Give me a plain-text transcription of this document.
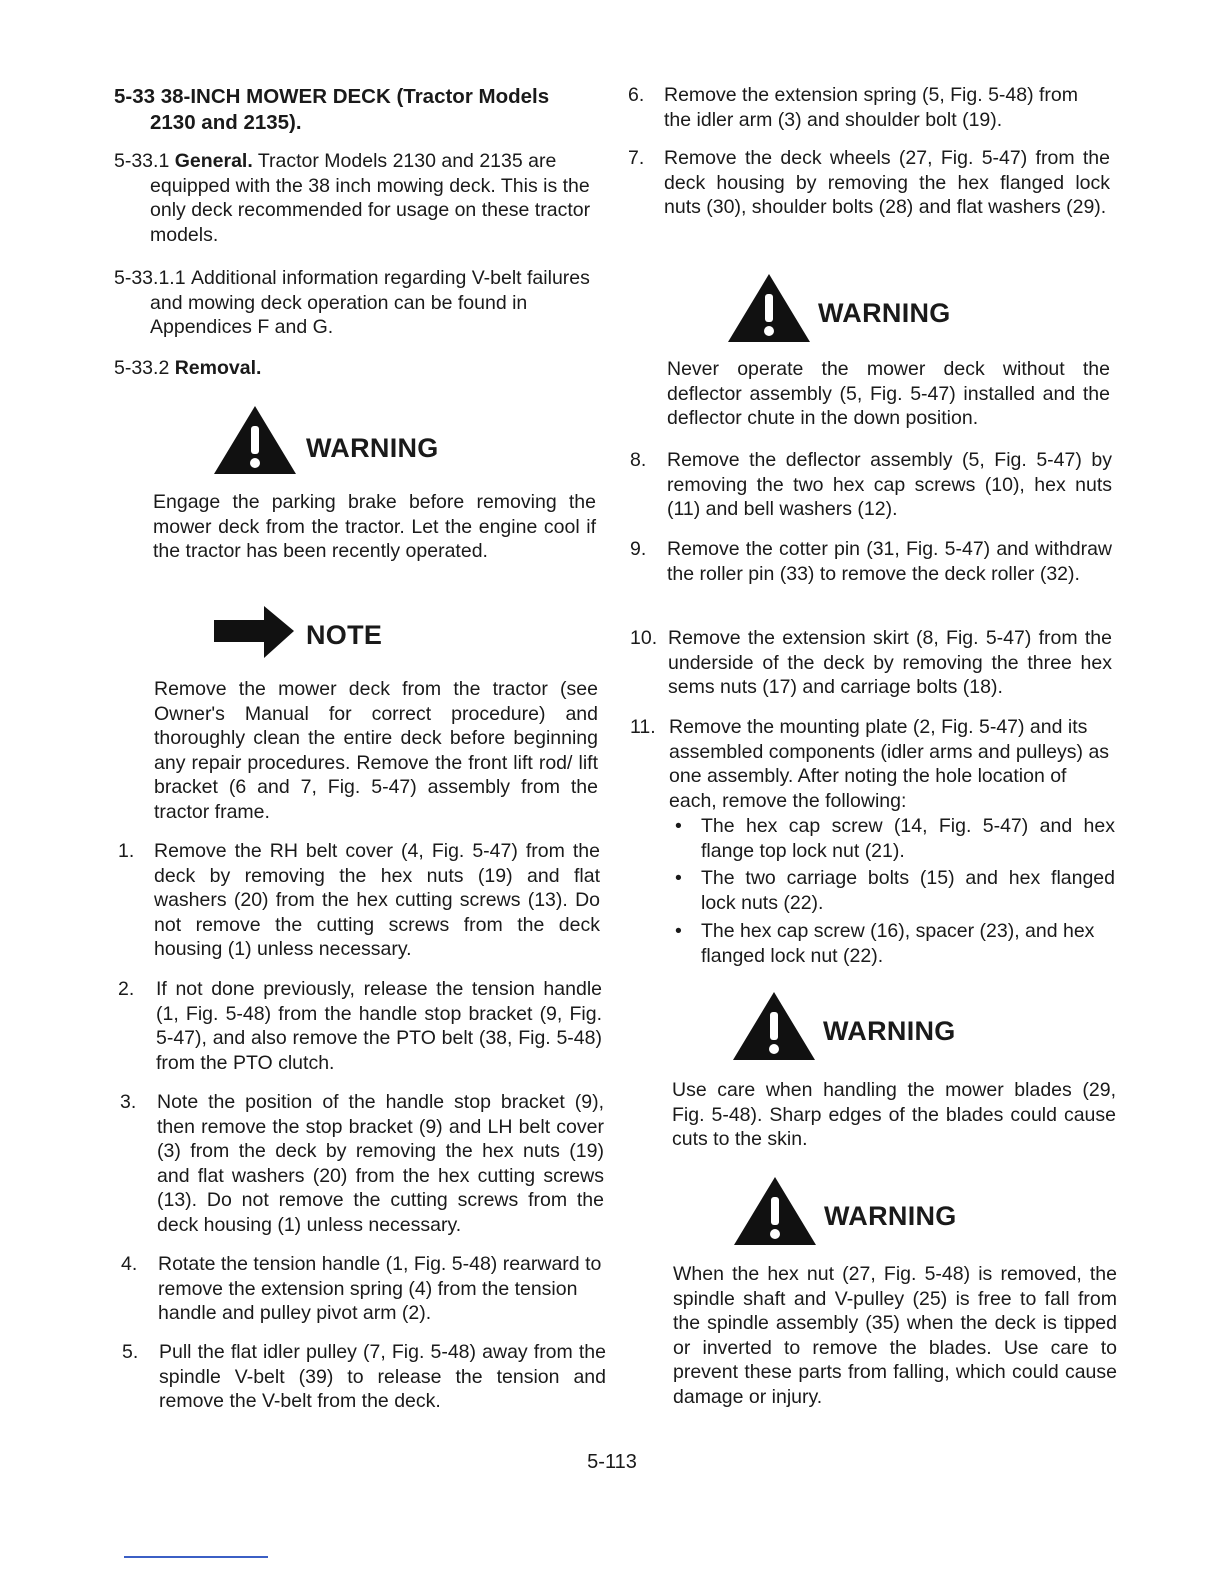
5-33 38-INCH MOWER DECK (Tractor Models
2130 and 2135).

5-33.1 General. Tractor Models 2130 and 2135 are equipped with the 38 inch mowing deck. This is the only deck recommended for usage on these tractor models.

5-33.1.1 Additional information regarding V-belt failures and mowing deck operation can be found in Appendices F and G.

5-33.2 Removal.
WARNING

Engage the parking brake before removing the mower deck from the tractor. Let the engine cool if the tractor has been recently operated.

NOTE

Remove the mower deck from the tractor (see Owner's Manual for correct procedure) and thoroughly clean the entire deck before beginning any repair procedures. Remove the front lift rod/ lift bracket (6 and 7, Fig. 5-47) assembly from the tractor frame.

1. Remove the RH belt cover (4, Fig. 5-47) from the deck by removing the hex nuts (19) and flat washers (20) from the hex cutting screws (13). Do not remove the cutting screws from the deck housing (1) unless necessary.

2. If not done previously, release the tension handle (1, Fig. 5-48) from the handle stop bracket (9, Fig. 5-47), and also remove the PTO belt (38, Fig. 5-48) from the PTO clutch.

3. Note the position of the handle stop bracket (9), then remove the stop bracket (9) and LH belt cover (3) from the deck by removing the hex nuts (19) and flat washers (20) from the hex cutting screws (13). Do not remove the cutting screws from the deck housing (1) unless necessary.

4. Rotate the tension handle (1, Fig. 5-48) rearward to remove the extension spring (4) from the tension handle and pulley pivot arm (2).

5. Pull the flat idler pulley (7, Fig. 5-48) away from the spindle V-belt (39) to release the tension and remove the V-belt from the deck.

6. Remove the extension spring (5, Fig. 5-48) from the idler arm (3) and shoulder bolt (19).

7. Remove the deck wheels (27, Fig. 5-47) from the deck housing by removing the hex flanged lock nuts (30), shoulder bolts (28) and flat washers (29).

WARNING

Never operate the mower deck without the deflector assembly (5, Fig. 5-47) installed and the deflector chute in the down position.

8. Remove the deflector assembly (5, Fig. 5-47) by removing the two hex cap screws (10), hex nuts (11) and bell washers (12).

9. Remove the cotter pin (31, Fig. 5-47) and withdraw the roller pin (33) to remove the deck roller (32).

10. Remove the extension skirt (8, Fig. 5-47) from the underside of the deck by removing the three hex sems nuts (17) and carriage bolts (18).

11. Remove the mounting plate (2, Fig. 5-47) and its assembled components (idler arms and pulleys) as one assembly. After noting the hole location of each, remove the following:

• The hex cap screw (14, Fig. 5-47) and hex flange top lock nut (21).

• The two carriage bolts (15) and hex flanged lock nuts (22).

• The hex cap screw (16), spacer (23), and hex flanged lock nut (22).

WARNING

Use care when handling the mower blades (29, Fig. 5-48). Sharp edges of the blades could cause cuts to the skin.

WARNING

When the hex nut (27, Fig. 5-48) is removed, the spindle shaft and V-pulley (25) is free to fall from the spindle assembly (35) when the deck is tipped or inverted to remove the blades. Use care to prevent these parts from falling, which could cause damage or injury.

5-113
